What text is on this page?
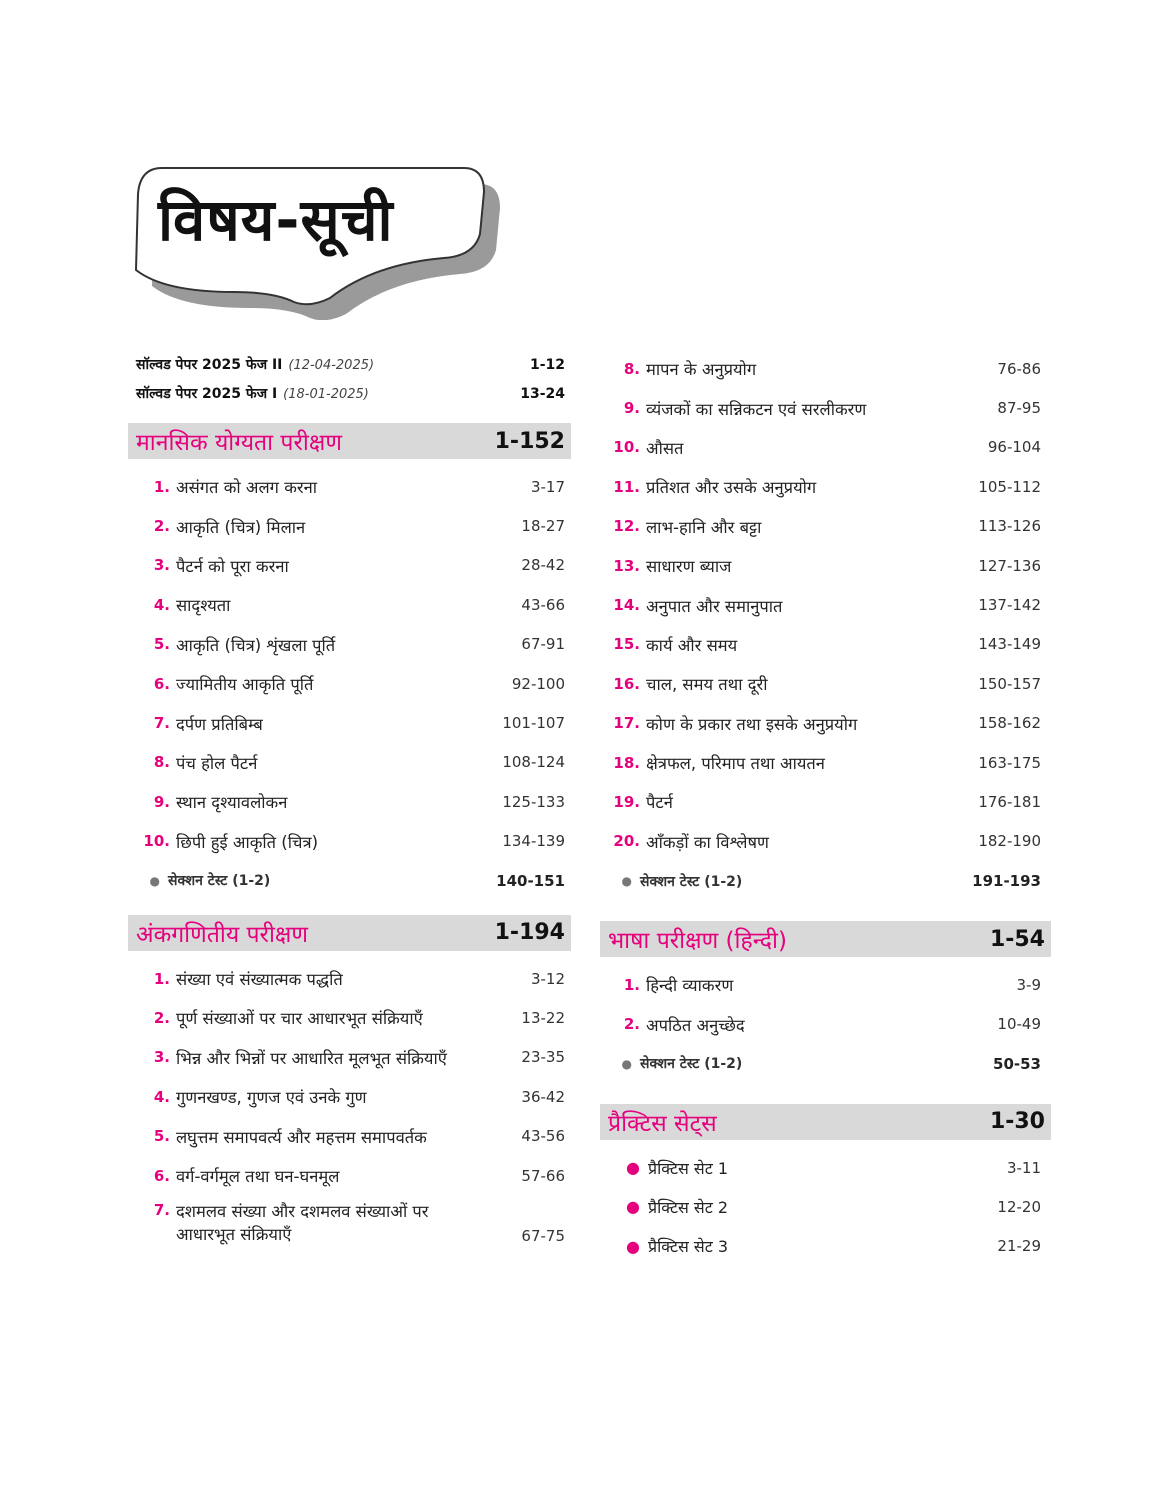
विषय-सूची
सॉल्वड पेपर 2025 फेज II (12-04-2025)	1-12
सॉल्वड पेपर 2025 फेज I (18-01-2025)	13-24
मानसिक योग्यता परीक्षण	1-152
1. असंगत को अलग करना	3-17
2. आकृति (चित्र) मिलान	18-27
3. पैटर्न को पूरा करना	28-42
4. सादृश्यता	43-66
5. आकृति (चित्र) शृंखला पूर्ति	67-91
6. ज्यामितीय आकृति पूर्ति	92-100
7. दर्पण प्रतिबिम्ब	101-107
8. पंच होल पैटर्न	108-124
9. स्थान दृश्यावलोकन	125-133
10. छिपी हुई आकृति (चित्र)	134-139
● सेक्शन टेस्ट (1-2)	140-151
अंकगणितीय परीक्षण	1-194
1. संख्या एवं संख्यात्मक पद्धति	3-12
2. पूर्ण संख्याओं पर चार आधारभूत संक्रियाएँ	13-22
3. भिन्न और भिन्नों पर आधारित मूलभूत संक्रियाएँ	23-35
4. गुणनखण्ड, गुणज एवं उनके गुण	36-42
5. लघुत्तम समापवर्त्य और महत्तम समापवर्तक	43-56
6. वर्ग-वर्गमूल तथा घन-घनमूल	57-66
7. दशमलव संख्या और दशमलव संख्याओं पर
आधारभूत संक्रियाएँ	67-75
8. मापन के अनुप्रयोग	76-86
9. व्यंजकों का सन्निकटन एवं सरलीकरण	87-95
10. औसत	96-104
11. प्रतिशत और उसके अनुप्रयोग	105-112
12. लाभ-हानि और बट्टा	113-126
13. साधारण ब्याज	127-136
14. अनुपात और समानुपात	137-142
15. कार्य और समय	143-149
16. चाल, समय तथा दूरी	150-157
17. कोण के प्रकार तथा इसके अनुप्रयोग	158-162
18. क्षेत्रफल, परिमाप तथा आयतन	163-175
19. पैटर्न	176-181
20. आँकड़ों का विश्लेषण	182-190
● सेक्शन टेस्ट (1-2)	191-193
भाषा परीक्षण (हिन्दी)	1-54
1. हिन्दी व्याकरण	3-9
2. अपठित अनुच्छेद	10-49
● सेक्शन टेस्ट (1-2)	50-53
प्रैक्टिस सेट्स	1-30
● प्रैक्टिस सेट 1	3-11
● प्रैक्टिस सेट 2	12-20
● प्रैक्टिस सेट 3	21-29
